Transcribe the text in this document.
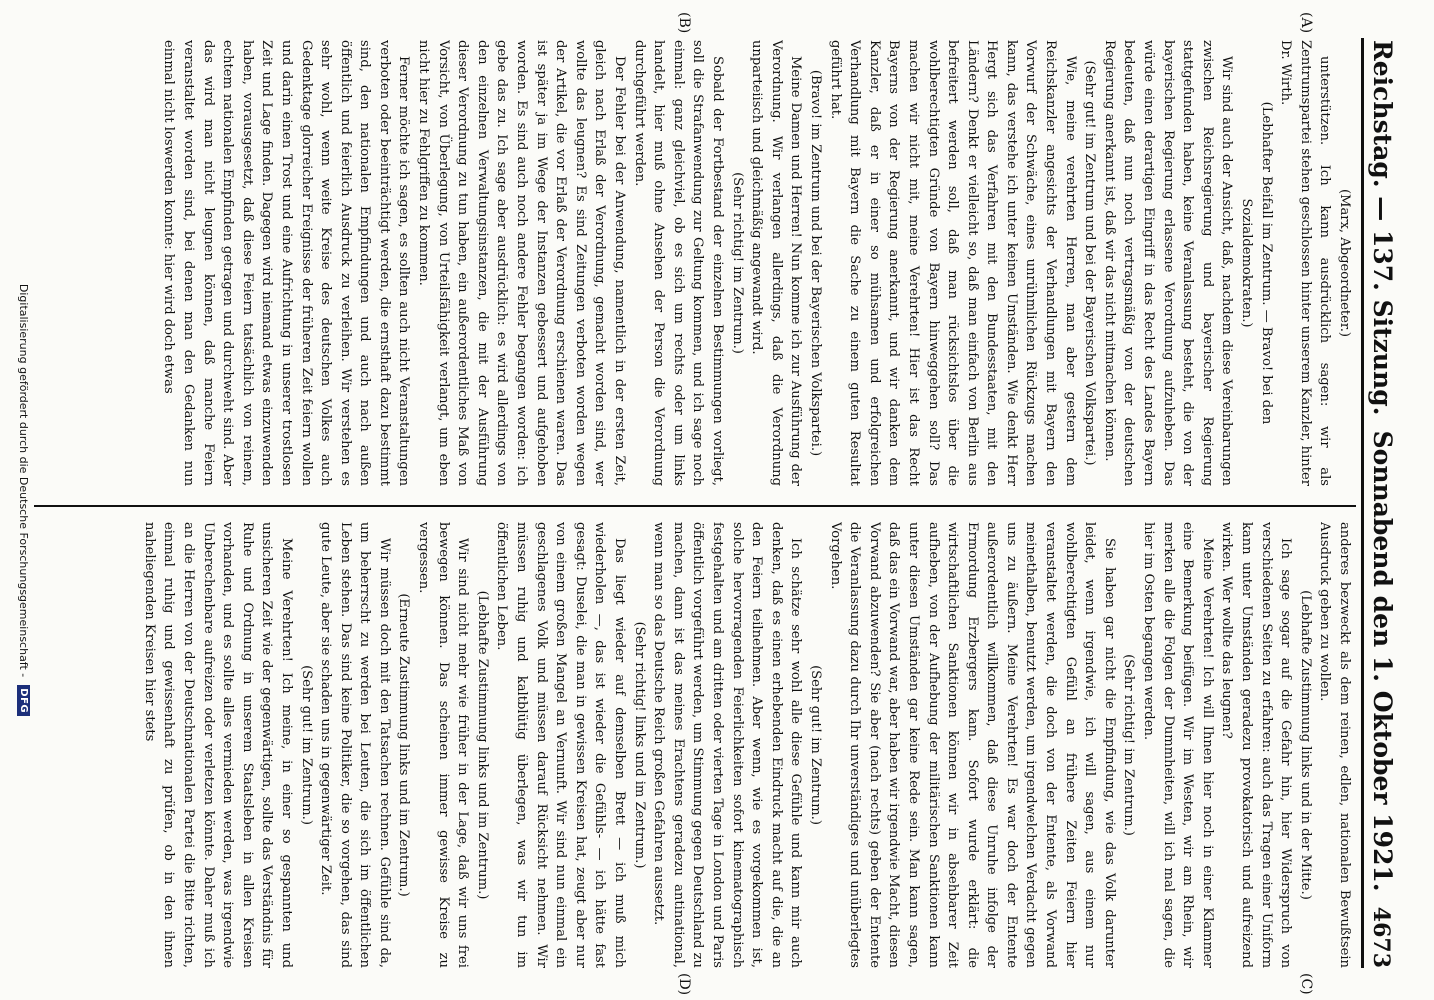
Reichstag. — 137. Sitzung.
Sonnabend den 1. Oktober 1921.
4673
(A)
(B)
(C)
(D)

(Marx, Abgeordneter.)

unterstützen. Ich kann ausdrücklich sagen: wir als Zentrumspartei stehen geschlossen hinter unserem Kanzler, hinter Dr. Wirth.

(Lebhafter Beifall im Zentrum. — Bravo! bei den Sozialdemokraten.)

Wir sind auch der Ansicht, daß, nachdem diese Vereinbarungen zwischen Reichsregierung und bayerischer Regierung stattgefunden haben, keine Veranlassung besteht, die von der bayerischen Regierung erlassene Verordnung aufzuheben. Das würde einen derartigen Eingriff in das Recht des Landes Bayern bedeuten, daß nun noch vertragsmäßig von der deutschen Regierung anerkannt ist, daß wir das nicht mitmachen können.

(Sehr gut! im Zentrum und bei der Bayerischen Volkspartei.)

Wie, meine verehrten Herren, man aber gestern dem Reichskanzler angesichts der Verhandlungen mit Bayern den Vorwurf der Schwäche, eines unrühmlichen Rückzugs machen kann, das verstehe ich unter keinen Umständen. Wie denkt Herr Hergt sich das Verfahren mit den Bundesstaaten, mit den Ländern? Denkt er vielleicht so, daß man einfach von Berlin aus befreitert werden soll, daß man rücksichtslos über die wohlberechtigten Gründe von Bayern hinweggehen soll? Das machen wir nicht mit, meine Verehrten! Hier ist das Recht Bayerns von der Regierung anerkannt, und wir danken dem Kanzler, daß er in einer so mühsamen und erfolgreichen Verhandlung mit Bayern die Sache zu einem guten Resultat geführt hat.

(Bravo! im Zentrum und bei der Bayerischen Volkspartei.)

Meine Damen und Herren! Nun komme ich zur Ausführung der Verordnung. Wir verlangen allerdings, daß die Verordnung unparteiisch und gleichmäßig angewandt wird.

(Sehr richtig! im Zentrum.)

Sobald der Fortbestand der einzelnen Bestimmungen vorliegt, soll die Strafanwendung zur Geltung kommen, und ich sage noch einmal: ganz gleichviel, ob es sich um rechts oder um links handelt, hier muß ohne Ansehen der Person die Verordnung durchgeführt werden.

Der Fehler bei der Anwendung, namentlich in der ersten Zeit, gleich nach Erlaß der Verordnung, gemacht worden sind, wer wollte das leugnen? Es sind Zeitungen verboten worden wegen der Artikel, die vor Erlaß der Verordnung erschienen waren. Das ist später ja im Wege der Instanzen gebessert und aufgehoben worden. Es sind auch noch andere Fehler begangen worden: ich gebe das zu. Ich sage aber ausdrücklich: es wird allerdings von den einzelnen Verwaltungsinstanzen, die mit der Ausführung dieser Verordnung zu tun haben, ein außerordentliches Maß von Vorsicht, von Überlegung, von Urteilsfähigkeit verlangt, um eben nicht hier zu Fehlgriffen zu kommen.

Ferner möchte ich sagen, es sollten auch nicht Veranstaltungen verboten oder beeinträchtigt werden, die ernsthaft dazu bestimmt sind, den nationalen Empfindungen und auch nach außen öffentlich und feierlich Ausdruck zu verleihen. Wir verstehen es sehr wohl, wenn weite Kreise des deutschen Volkes auch Gedenktage glorreicher Ereignisse der früheren Zeit feiern wollen und darin einen Trost und eine Aufrichtung in unserer trostlosen Zeit und Lage finden. Dagegen wird niemand etwas einzuwenden haben, vorausgesetzt, daß diese Feiern tatsächlich von reinem, echtem nationalen Empfinden getragen und durchweht sind. Aber das wird man nicht leugnen können, daß manche Feiern veranstaltet worden sind, bei denen man den Gedanken nun einmal nicht loswerden konnte: hier wird doch etwas

anderes bezweckt als dem reinen, edlen, nationalen Bewußtsein Ausdruck geben zu wollen.

(Lebhafte Zustimmung links und in der Mitte.)

Ich sage sogar auf die Gefahr hin, hier Widerspruch von verschiedenen Seiten zu erfahren: auch das Tragen einer Uniform kann unter Umständen geradezu provokatorisch und aufreizend wirken. Wer wollte das leugnen?

Meine Verehrten! Ich will Ihnen hier noch in einer Klammer eine Bemerkung beifügen. Wir im Westen, wir am Rhein, wir merken alle die Folgen der Dummheiten, will ich mal sagen, die hier im Osten begangen werden.

(Sehr richtig! im Zentrum.)

Sie haben gar nicht die Empfindung, wie das Volk darunter leidet, wenn irgendwie, ich will sagen, aus einem nur wohlberechtigten Gefühl an frühere Zeiten Feiern hier veranstaltet werden, die doch von der Entente, als Vorwand meinethalben, benutzt werden, um irgendwelchen Verdacht gegen uns zu äußern. Meine Verehrten! Es war doch der Entente außerordentlich willkommen, daß diese Unruhe infolge der Ermordung Erzbergers kam. Sofort wurde erklärt: die wirtschaftlichen Sanktionen können wir in absehbarer Zeit aufheben, von der Aufhebung der militärischen Sanktionen kann unter diesen Umständen gar keine Rede sein. Man kann sagen, daß das ein Vorwand war, aber haben wir irgendwie Macht, diesen Vorwand abzuwenden? Sie aber (nach rechts) geben der Entente die Veranlassung dazu durch Ihr unverständiges und unüberlegtes Vorgehen.

(Sehr gut! im Zentrum.)

Ich schätze sehr wohl alle diese Gefühle und kann mir auch denken, daß es einen erhebenden Eindruck macht auf die, die an den Feiern teilnehmen. Aber wenn, wie es vorgekommen ist, solche hervorragenden Feierlichkeiten sofort kinematographisch festgehalten und am dritten oder vierten Tage in London und Paris öffentlich vorgeführt werden, um Stimmung gegen Deutschland zu machen, dann ist das meines Erachtens geradezu antinational, wenn man so das Deutsche Reich großen Gefahren aussetzt.

(Sehr richtig! links und im Zentrum.)

Das liegt wieder auf demselben Brett — ich muß mich wiederholen —, das ist wieder die Gefühls- — ich hätte fast gesagt: Duselei, die man in gewissen Kreisen hat, zeugt aber nur von einem großen Mangel an Vernunft. Wir sind nun einmal ein geschlagenes Volk und müssen darauf Rücksicht nehmen. Wir müssen ruhig und kaltblütig überlegen, was wir tun im öffentlichen Leben.

(Lebhafte Zustimmung links und im Zentrum.)

Wir sind nicht mehr wie früher in der Lage, daß wir uns frei bewegen können. Das scheinen immer gewisse Kreise zu vergessen.

(Erneute Zustimmung links und im Zentrum.)

Wir müssen doch mit den Tatsachen rechnen. Gefühle sind da, um beherrscht zu werden bei Leuten, die sich im öffentlichen Leben stehen. Das sind keine Politiker, die so vorgehen, das sind gute Leute, aber sie schaden uns in gegenwärtiger Zeit.

(Sehr gut! im Zentrum.)

Meine Verehrten! Ich meine, in einer so gespannten und unsicheren Zeit wie der gegenwärtigen, sollte das Verständnis für Ruhe und Ordnung in unserem Staatsleben in allen Kreisen vorhanden, und es sollte alles vermieden werden, was irgendwie Unberechenbare aufreizen oder verletzen könnte. Daher muß ich an die Herren von der Deutschnationalen Partei die Bitte richten, einmal ruhig und gewissenhaft zu prüfen, ob in den ihnen naheliegenden Kreisen hier stets

Digitalisierung gefördert durch die Deutsche Forschungsgemeinschaft -
DFG
